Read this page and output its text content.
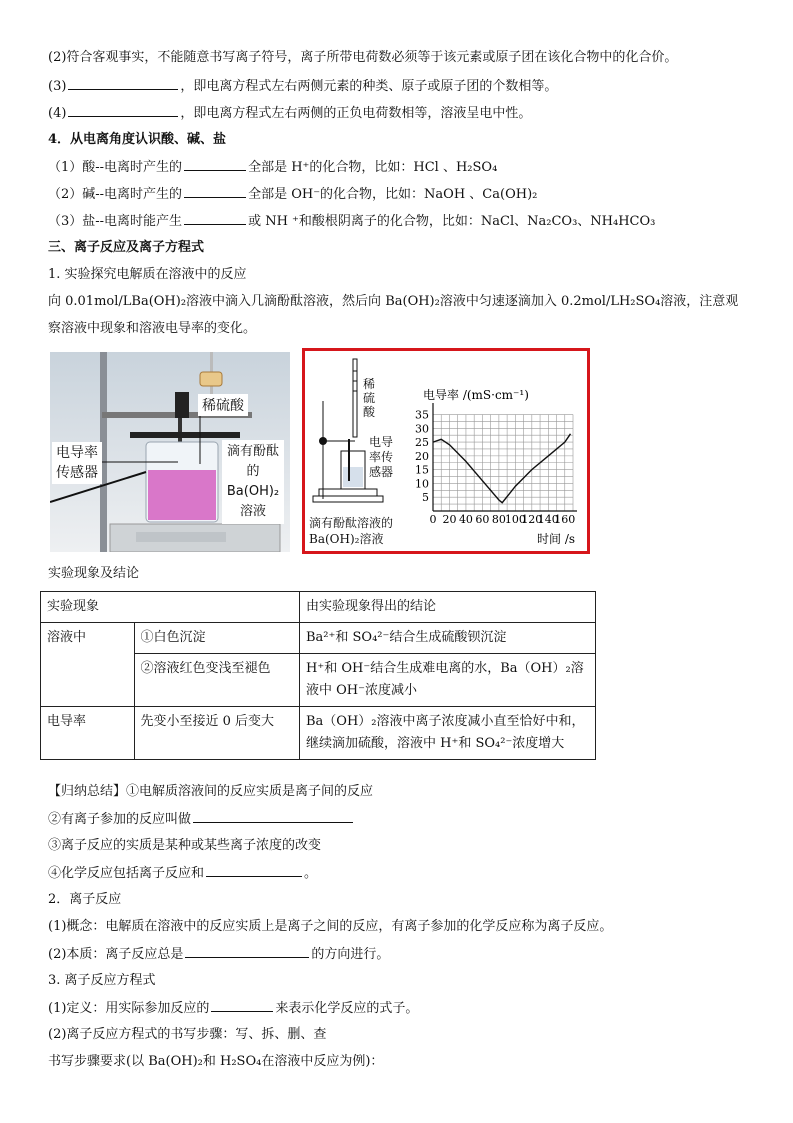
(2)符合客观事实，不能随意书写离子符号，离子所带电荷数必须等于该元素或原子团在该化合物中的化合价。
(3)	，即电离方程式左右两侧元素的种类、原子或原子团的个数相等。
(4)	，即电离方程式左右两侧的正负电荷数相等，溶液呈电中性。
4．从电离角度认识酸、碱、盐
（1）酸--电离时产生的	全部是 H⁺的化合物，比如：HCl 、H₂SO₄
（2）碱--电离时产生的	全部是 OH⁻的化合物，比如：NaOH 、Ca(OH)₂
（3）盐--电离时能产生	或 NH ⁺和酸根阴离子的化合物，比如：NaCl、Na₂CO₃、NH₄HCO₃
三、离子反应及离子方程式
1. 实验探究电解质在溶液中的反应
向 0.01mol/LBa(OH)₂溶液中滴入几滴酚酞溶液，然后向 Ba(OH)₂溶液中匀速逐滴加入 0.2mol/LH₂SO₄溶液，注意观
察溶液中现象和溶液电导率的变化。
稀硫酸
电导率
传感器
滴有酚酞
的
Ba(OH)₂
溶液
稀
硫
酸
电导
率传
感器
滴有酚酞溶液的
Ba(OH)₂溶液
电导率 /(mS·cm⁻¹)
时间 /s
5
10
15
20
25
30
35
0 20 40 60 80
100
120
140
160
实验现象及结论
实验现象		由实验现象得出的结论
溶液中	①白色沉淀	Ba²⁺和 SO₄²⁻结合生成硫酸钡沉淀
	②溶液红色变浅至褪色	H⁺和 OH⁻结合生成难电离的水，Ba（OH）₂溶液中 OH⁻浓度减小
电导率	先变小至接近 0 后变大	Ba（OH）₂溶液中离子浓度减小直至恰好中和，继续滴加硫酸，溶液中 H⁺和 SO₄²⁻浓度增大
【归纳总结】①电解质溶液间的反应实质是离子间的反应
②有离子参加的反应叫做
③离子反应的实质是某种或某些离子浓度的改变
④化学反应包括离子反应和	。
2．离子反应
(1)概念：电解质在溶液中的反应实质上是离子之间的反应，有离子参加的化学反应称为离子反应。
(2)本质：离子反应总是	的方向进行。
3. 离子反应方程式
(1)定义：用实际参加反应的	来表示化学反应的式子。
(2)离子反应方程式的书写步骤：写、拆、删、查
书写步骤要求(以 Ba(OH)₂和 H₂SO₄在溶液中反应为例)：
